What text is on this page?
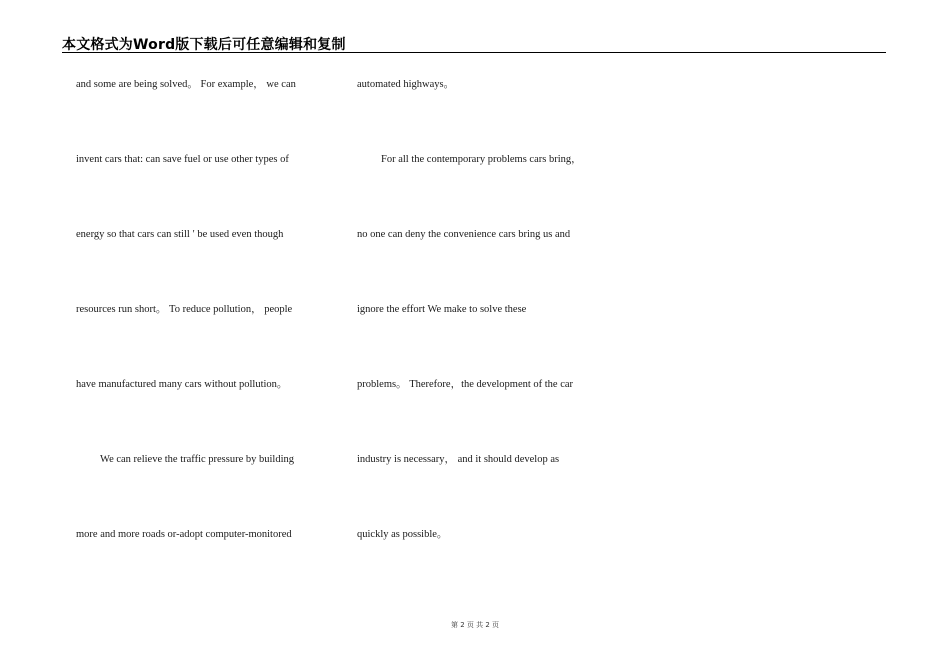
本文格式为Word版下载后可任意编辑和复制
and some are being solved。 For example， we can
invent cars that: can save fuel or use other types of
energy so that cars can still ′ be used even though
resources run short。 To reduce pollution， people
have manufactured many cars without pollution。
We can relieve the traffic pressure by building
more and more roads or-adopt computer-monitored
automated highways。
For all the contemporary problems cars bring，
no one can deny the convenience cars bring us and
ignore the effort We make to solve these
problems。 Therefore，the development of the car
industry is necessary， and it should develop as
quickly as possible。
第 2 页 共 2 页
